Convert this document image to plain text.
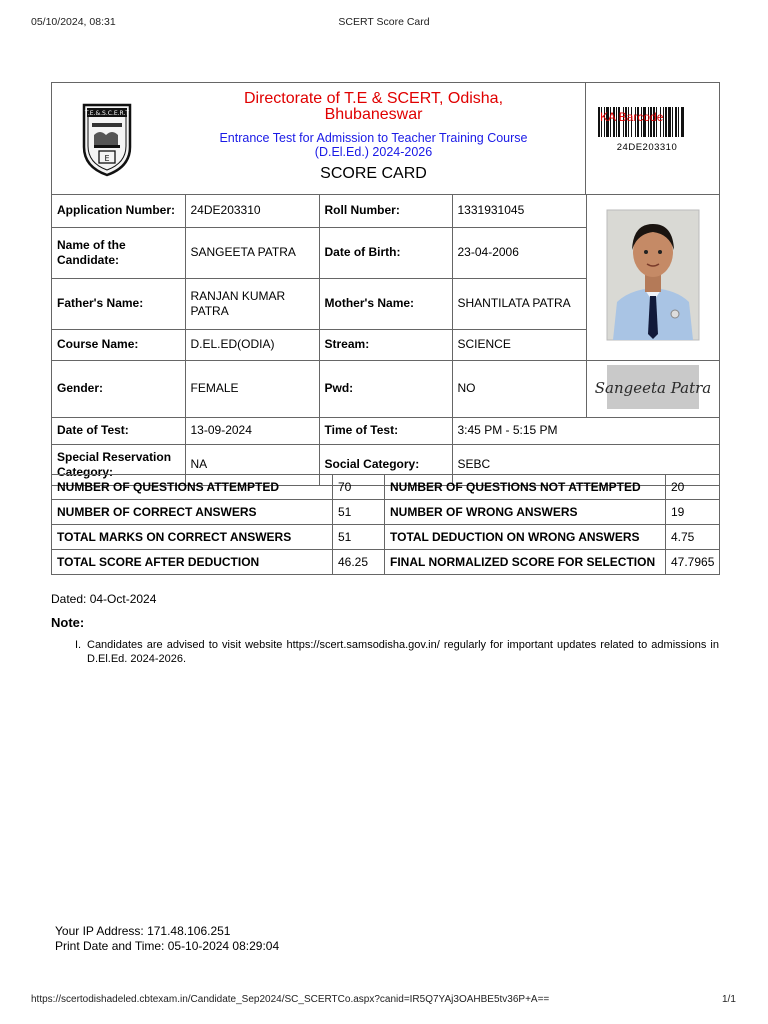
05/10/2024, 08:31	SCERT Score Card
T.E.&.S.C.E.R.T
E
Directorate of T.E & SCERT, Odisha,
Bhubaneswar
Entrance Test for Admission to Teacher Training Course
(D.El.Ed.) 2024-2026
SCORE CARD
KA Barcode
24DE203310
Application Number:	24DE203310	Roll Number:	1331931045	
Name of the Candidate:	SANGEETA PATRA	Date of Birth:	23-04-2006	
Father's Name:	RANJAN KUMAR PATRA	Mother's Name:	SHANTILATA PATRA	
Course Name:	D.EL.ED(ODIA)	Stream:	SCIENCE	
Gender:	FEMALE	Pwd:	NO	Sangeeta Patra

Date of Test:	13-09-2024	Time of Test:	3:45 PM - 5:15 PM	
Special Reservation Category:	NA	Social Category:	SEBC	
NUMBER OF QUESTIONS ATTEMPTED	70	NUMBER OF QUESTIONS NOT ATTEMPTED	20
NUMBER OF CORRECT ANSWERS	51	NUMBER OF WRONG ANSWERS	19
TOTAL MARKS ON CORRECT ANSWERS	51	TOTAL DEDUCTION ON WRONG ANSWERS	4.75
TOTAL SCORE AFTER DEDUCTION	46.25	FINAL NORMALIZED SCORE FOR SELECTION	47.7965
Dated: 04-Oct-2024
Note:
I. Candidates are advised to visit website https://scert.samsodisha.gov.in/ regularly for important updates related to admissions in D.El.Ed. 2024-2026.
Your IP Address: 171.48.106.251
Print Date and Time: 05-10-2024 08:29:04
https://scertodishadeled.cbtexam.in/Candidate_Sep2024/SC_SCERTCo.aspx?canid=IR5Q7YAj3OAHBE5tv36P+A==	1/1
